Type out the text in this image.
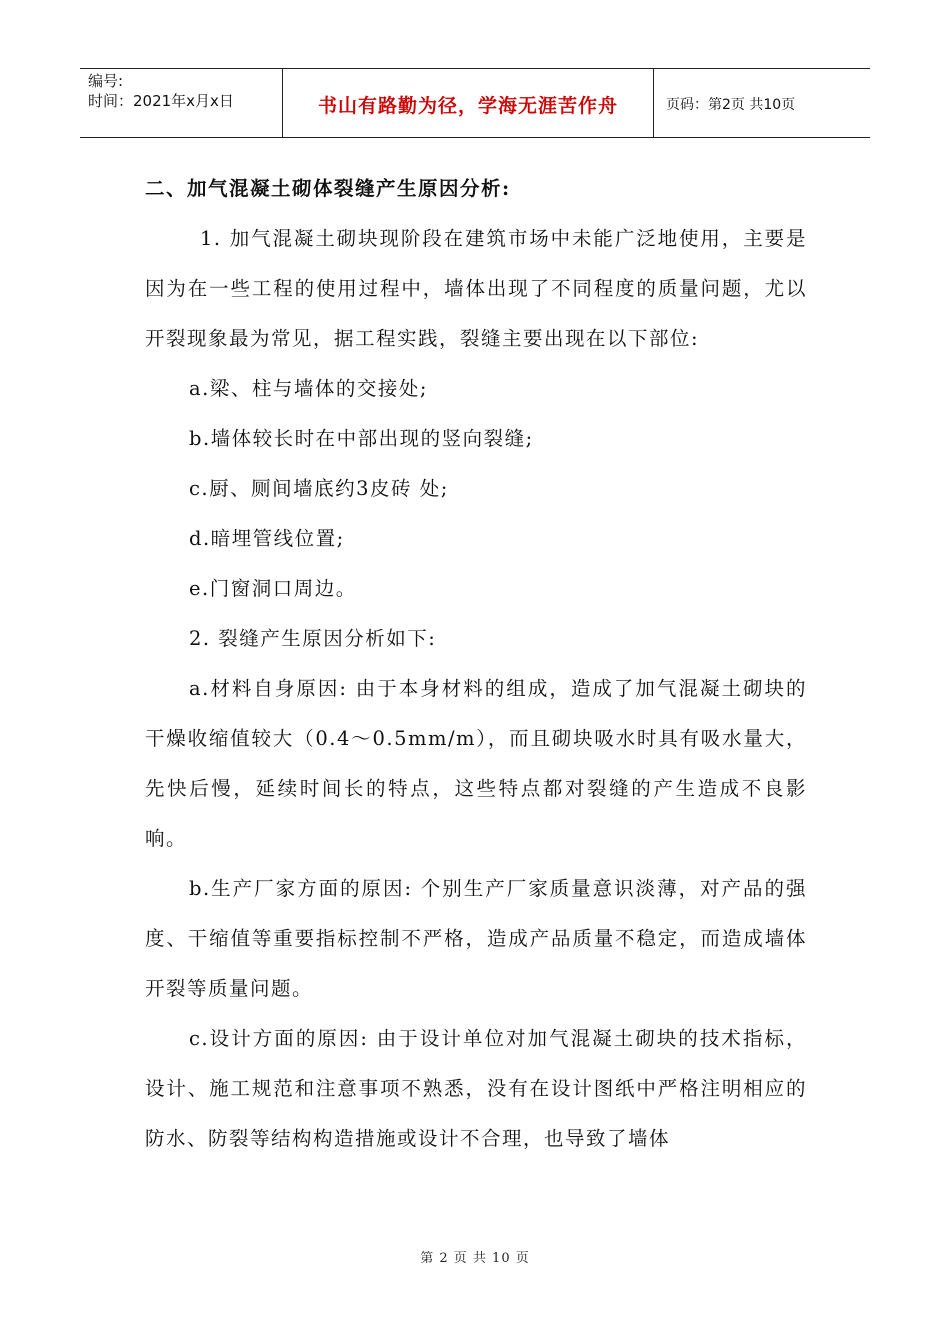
编号:
时间：2021年x月x日	书山有路勤为径，学海无涯苦作舟	页码：第2页 共10页

二、加气混凝土砌体裂缝产生原因分析:

1. 加气混凝土砌块现阶段在建筑市场中未能广泛地使用，主要是因为在一些工程的使用过程中，墙体出现了不同程度的质量问题，尤以开裂现象最为常见，据工程实践，裂缝主要出现在以下部位:

a.梁、柱与墙体的交接处;

b.墙体较长时在中部出现的竖向裂缝;

c.厨、厕间墙底约3皮砖 处;

d.暗埋管线位置;

e.门窗洞口周边。

2. 裂缝产生原因分析如下:

a.材料自身原因: 由于本身材料的组成，造成了加气混凝土砌块的干燥收缩值较大（0.4～0.5mm/m），而且砌块吸水时具有吸水量大，先快后慢，延续时间长的特点，这些特点都对裂缝的产生造成不良影响。

b.生产厂家方面的原因: 个别生产厂家质量意识淡薄，对产品的强度、干缩值等重要指标控制不严格，造成产品质量不稳定，而造成墙体开裂等质量问题。

c.设计方面的原因: 由于设计单位对加气混凝土砌块的技术指标，设计、施工规范和注意事项不熟悉，没有在设计图纸中严格注明相应的防水、防裂等结构构造措施或设计不合理，也导致了墙体

第 2 页 共 10 页
